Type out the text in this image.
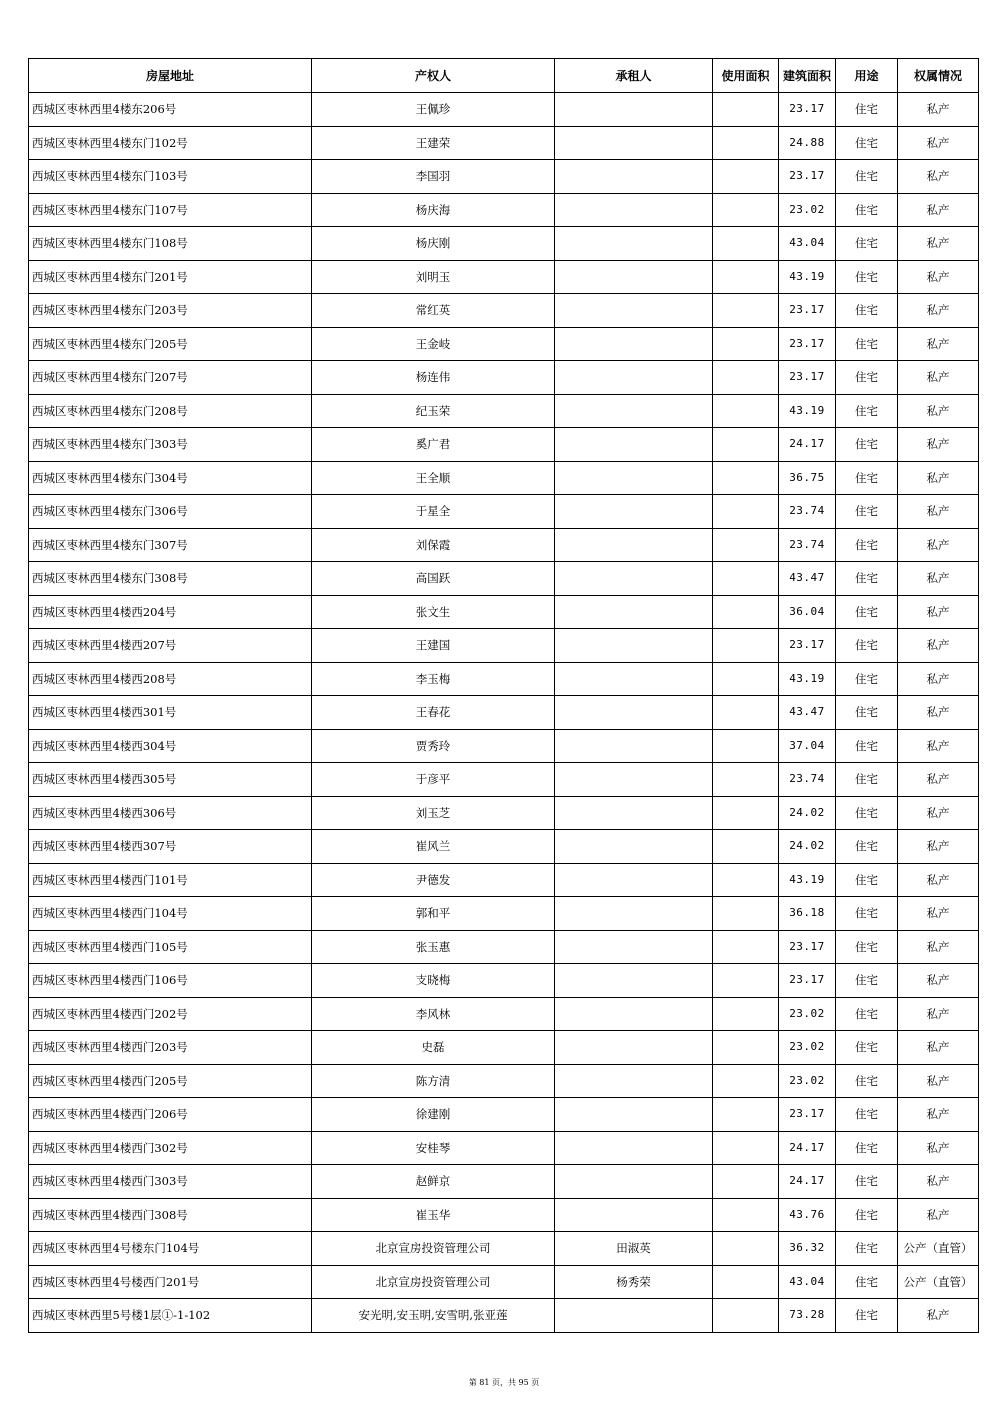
房屋地址	产权人	承租人	使用面积	建筑面积	用途	权属情况
西城区枣林西里4楼东206号	王佩珍			23.17	住宅	私产
西城区枣林西里4楼东门102号	王建荣			24.88	住宅	私产
西城区枣林西里4楼东门103号	李国羽			23.17	住宅	私产
西城区枣林西里4楼东门107号	杨庆海			23.02	住宅	私产
西城区枣林西里4楼东门108号	杨庆刚			43.04	住宅	私产
西城区枣林西里4楼东门201号	刘明玉			43.19	住宅	私产
西城区枣林西里4楼东门203号	常红英			23.17	住宅	私产
西城区枣林西里4楼东门205号	王金岐			23.17	住宅	私产
西城区枣林西里4楼东门207号	杨连伟			23.17	住宅	私产
西城区枣林西里4楼东门208号	纪玉荣			43.19	住宅	私产
西城区枣林西里4楼东门303号	奚广君			24.17	住宅	私产
西城区枣林西里4楼东门304号	王全顺			36.75	住宅	私产
西城区枣林西里4楼东门306号	于星全			23.74	住宅	私产
西城区枣林西里4楼东门307号	刘保霞			23.74	住宅	私产
西城区枣林西里4楼东门308号	高国跃			43.47	住宅	私产
西城区枣林西里4楼西204号	张文生			36.04	住宅	私产
西城区枣林西里4楼西207号	王建国			23.17	住宅	私产
西城区枣林西里4楼西208号	李玉梅			43.19	住宅	私产
西城区枣林西里4楼西301号	王春花			43.47	住宅	私产
西城区枣林西里4楼西304号	贾秀玲			37.04	住宅	私产
西城区枣林西里4楼西305号	于彦平			23.74	住宅	私产
西城区枣林西里4楼西306号	刘玉芝			24.02	住宅	私产
西城区枣林西里4楼西307号	崔风兰			24.02	住宅	私产
西城区枣林西里4楼西门101号	尹德发			43.19	住宅	私产
西城区枣林西里4楼西门104号	郭和平			36.18	住宅	私产
西城区枣林西里4楼西门105号	张玉惠			23.17	住宅	私产
西城区枣林西里4楼西门106号	支晓梅			23.17	住宅	私产
西城区枣林西里4楼西门202号	李风林			23.02	住宅	私产
西城区枣林西里4楼西门203号	史磊			23.02	住宅	私产
西城区枣林西里4楼西门205号	陈方清			23.02	住宅	私产
西城区枣林西里4楼西门206号	徐建刚			23.17	住宅	私产
西城区枣林西里4楼西门302号	安桂琴			24.17	住宅	私产
西城区枣林西里4楼西门303号	赵鲜京			24.17	住宅	私产
西城区枣林西里4楼西门308号	崔玉华			43.76	住宅	私产
西城区枣林西里4号楼东门104号	北京宣房投资管理公司	田淑英		36.32	住宅	公产（直管）
西城区枣林西里4号楼西门201号	北京宣房投资管理公司	杨秀荣		43.04	住宅	公产（直管）
西城区枣林西里5号楼1层①-1-102	安光明,安玉明,安雪明,张亚莲			73.28	住宅	私产
第 81 页，共 95 页
